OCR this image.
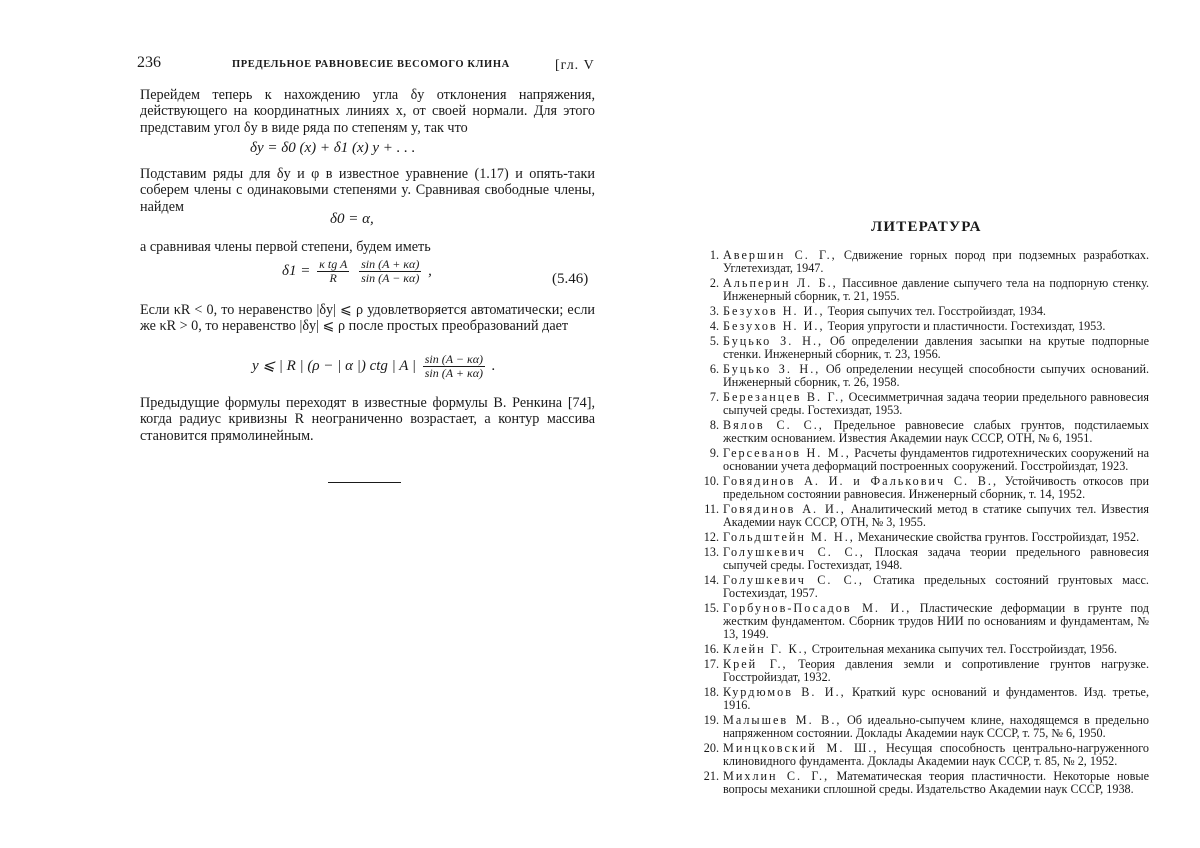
236	ПРЕДЕЛЬНОЕ РАВНОВЕСИЕ ВЕСОМОГО КЛИНА	[гл. V
Перейдем теперь к нахождению угла δy отклонения напряжения, действующего на координатных линиях x, от своей нормали. Для этого представим угол δy в виде ряда по степеням y, так что
δy = δ0 (x) + δ1 (x) y + . . .
Подставим ряды для δy и φ в известное уравнение (1.17) и опять-таки соберем члены с одинаковыми степенями y. Сравнивая свободные члены, найдем
δ0 = α,
а сравнивая члены первой степени, будем иметь
$\delta 1 = \frac{\text{κ tg A}}{R}$
$\frac{\sin (A + \kappa\alpha)}{\sin (A - \kappa\alpha)}$ ,
(5.46)
Если κR < 0, то неравенство |δy| ⩽ ρ удовлетворяется автоматически; если же κR > 0, то неравенство |δy| ⩽ ρ после простых преобразований дает
y ⩽ | R | (ρ − | α |) ctg | A | $\frac{\sin (A - \kappa\alpha)}{\sin (A + \kappa\alpha)}$ .
Предыдущие формулы переходят в известные формулы В. Ренкина [74], когда радиус кривизны R неограниченно возрастает, а контур массива становится прямолинейным.
ЛИТЕРАТУРА
1. Авершин С. Г., Сдвижение горных пород при подземных разработках. Углетехиздат, 1947.
2. Альперин Л. Б., Пассивное давление сыпучего тела на подпорную стенку. Инженерный сборник, т. 21, 1955.
3. Безухов Н. И., Теория сыпучих тел. Госстройиздат, 1934.
4. Безухов Н. И., Теория упругости и пластичности. Гостехиздат, 1953.
5. Буцько З. Н., Об определении давления засыпки на крутые подпорные стенки. Инженерный сборник, т. 23, 1956.
6. Буцько З. Н., Об определении несущей способности сыпучих оснований. Инженерный сборник, т. 26, 1958.
7. Березанцев В. Г., Осесимметричная задача теории предельного равновесия сыпучей среды. Гостехиздат, 1953.
8. Вялов С. С., Предельное равновесие слабых грунтов, подстилаемых жестким основанием. Известия Академии наук СССР, ОТН, № 6, 1951.
9. Герсеванов Н. М., Расчеты фундаментов гидротехнических сооружений на основании учета деформаций построенных сооружений. Госстройиздат, 1923.
10. Говядинов А. И. и Фалькович С. В., Устойчивость откосов при предельном состоянии равновесия. Инженерный сборник, т. 14, 1952.
11. Говядинов А. И., Аналитический метод в статике сыпучих тел. Известия Академии наук СССР, ОТН, № 3, 1955.
12. Гольдштейн М. Н., Механические свойства грунтов. Госстройиздат, 1952.
13. Голушкевич С. С., Плоская задача теории предельного равновесия сыпучей среды. Гостехиздат, 1948.
14. Голушкевич С. С., Статика предельных состояний грунтовых масс. Гостехиздат, 1957.
15. Горбунов-Посадов М. И., Пластические деформации в грунте под жестким фундаментом. Сборник трудов НИИ по основаниям и фундаментам, № 13, 1949.
16. Клейн Г. К., Строительная механика сыпучих тел. Госстройиздат, 1956.
17. Крей Г., Теория давления земли и сопротивление грунтов нагрузке. Госстройиздат, 1932.
18. Курдюмов В. И., Краткий курс оснований и фундаментов. Изд. третье, 1916.
19. Малышев М. В., Об идеально-сыпучем клине, находящемся в предельно напряженном состоянии. Доклады Академии наук СССР, т. 75, № 6, 1950.
20. Минцковский М. Ш., Несущая способность центрально-нагруженного клиновидного фундамента. Доклады Академии наук СССР, т. 85, № 2, 1952.
21. Михлин С. Г., Математическая теория пластичности. Некоторые новые вопросы механики сплошной среды. Издательство Академии наук СССР, 1938.
